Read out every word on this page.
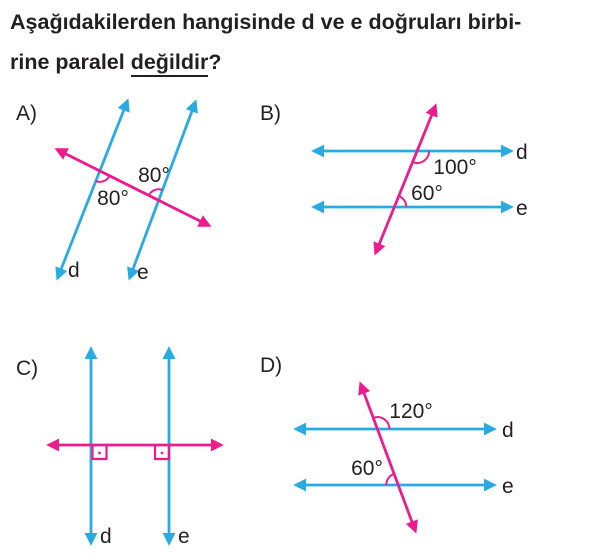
Aşağıdakilerden hangisinde d ve e doğruları birbi-
rine paralel değildir?
A)
80°
80°
d	e
B)
100°
60°
d
e
C)
d	e
D)
120°
60°
d
e
